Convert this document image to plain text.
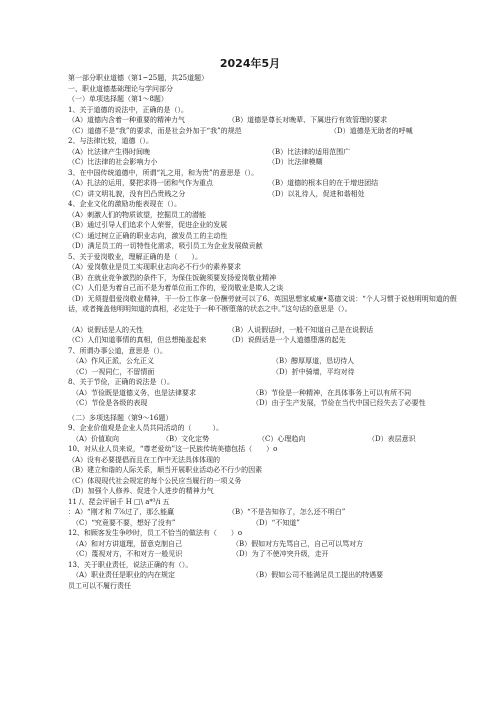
2024年5月
第一部分职业道德（第1~25题，共25道题）
一、职业道德基础理论与学问部分
（一）单项选择题（第1～8题）
1、关于道德的说法中，正确的是（）。
（A）道德内含着一种重要的精神力气	（B）道德是尊长对晚辈、下属进行有效管理的要求
（C）道德不是“我”的要求，而是社会外加于“我”的规范	（D）道德是无助者的呼喊
2、与法律比较，道德（）。
（A）比法律产生得时间晚	（B）比法律的适用范围广
（C）比法律的社会影响力小	（D）比法律模糊
3、在中国传统道德中，所谓“礼之用，和为贵”的意思是（）。
（A）扎法的运用，要把求得一团和气作为重点	（B）道德的根本目的在于增进团结
（C）讲文明礼貌，没有凹凸贵贱之分	（D）以礼待人，促进和谐相处
4、企业文化的激励功能表现在（）。
（A）刺激人们的物质欲望，挖掘员工的潜能
（B）通过引导人们追求个人荣誉，促进企业的发展
（C）通过树立正确的职业志向，激发员工的主动性
（D）满足员工的一切特性化需求，吸引员工为企业发展做贡献
5、关于爱岗敬业，理解正确的是（　　）。
（A）爱岗敬业是员工实现职业志向必不行少的素养要求
（B）在就业竞争激烈的条件下，为保住饭碗须要发扬爱岗敬业精神
（C）人们是为着自己而不是为着单位而工作的，爱岗敬业是欺人之谈
（D）无须提倡爱岗敬业精神，干一份工作拿一份酬劳就可以了6、英国思想家威廉•葛德文说：“个人习惯于说他明明知道的假话，或者掩盖他明明知道的真相，必定处于一种不断堕落的状态之中。”这句话的意思是（）。
（A）说假话是人的天性	（B）人说假话时，一般不知道自己是在说假话
（C）人们知道事情的真相，但总想掩盖起来	（D）说假话是一个人道德堕落的起先
7、所谓办事公道，意思是（）。
（A）作风正派，公允正义	（B）醇厚厚道，恳切待人
（C）一视同仁，不留情面	（D）折中骑墙，平均对待
8、关于节俭，正确的说法是（）。
（A）节俭既是道德义务，也是法律要求	（B）节俭是一种精神，在具体事务上可以有所不同
（C）节俭是各级的表现	（D）由于生产发展，节俭在当代中国已经失去了必要性
（二）多项选择题（第9～16题）
9、企业价值观是企业人员共同活动的（　　　）。
（A）价值取向	（B）文化定势	（C）心理趋向	（D）表层意识
10、对从业人员来说，“尊老爱幼”这一民族传统美德包括（　　）o
（A）没有必要提倡而且在工作中无法具体体现的
（B）建立和谐的人际关系，顺当开展职业活动必不行少的因素
（C）体现现代社会规定的每个公民应当履行的一项义务
（D）加强个人修养、促进个人进步的精神力气
11 /、琵会评届千 H □\ a*³/i 五
：A）“刚才和 7⅞过了，那么能赢	（B）“不是告知你了，怎么还不明白”
（C）“究竟要不要，想好了没有”	（D）“不知道”
12、和顾客发生争吵时，员工不恰当的做法有（　　）o
（A）和对方讲道理，留意克制自己	（B）假如对方先骂自己，自己可以骂对方
（C）蔑视对方，不和对方一般见识	（D）为了不使冲突升级，走开
13、关于职业责任，说法正确的有（）。
（A）职业责任是职业的内在规定	（B）假如公司不能满足员工提出的特遇要
员工可以不履行责任
